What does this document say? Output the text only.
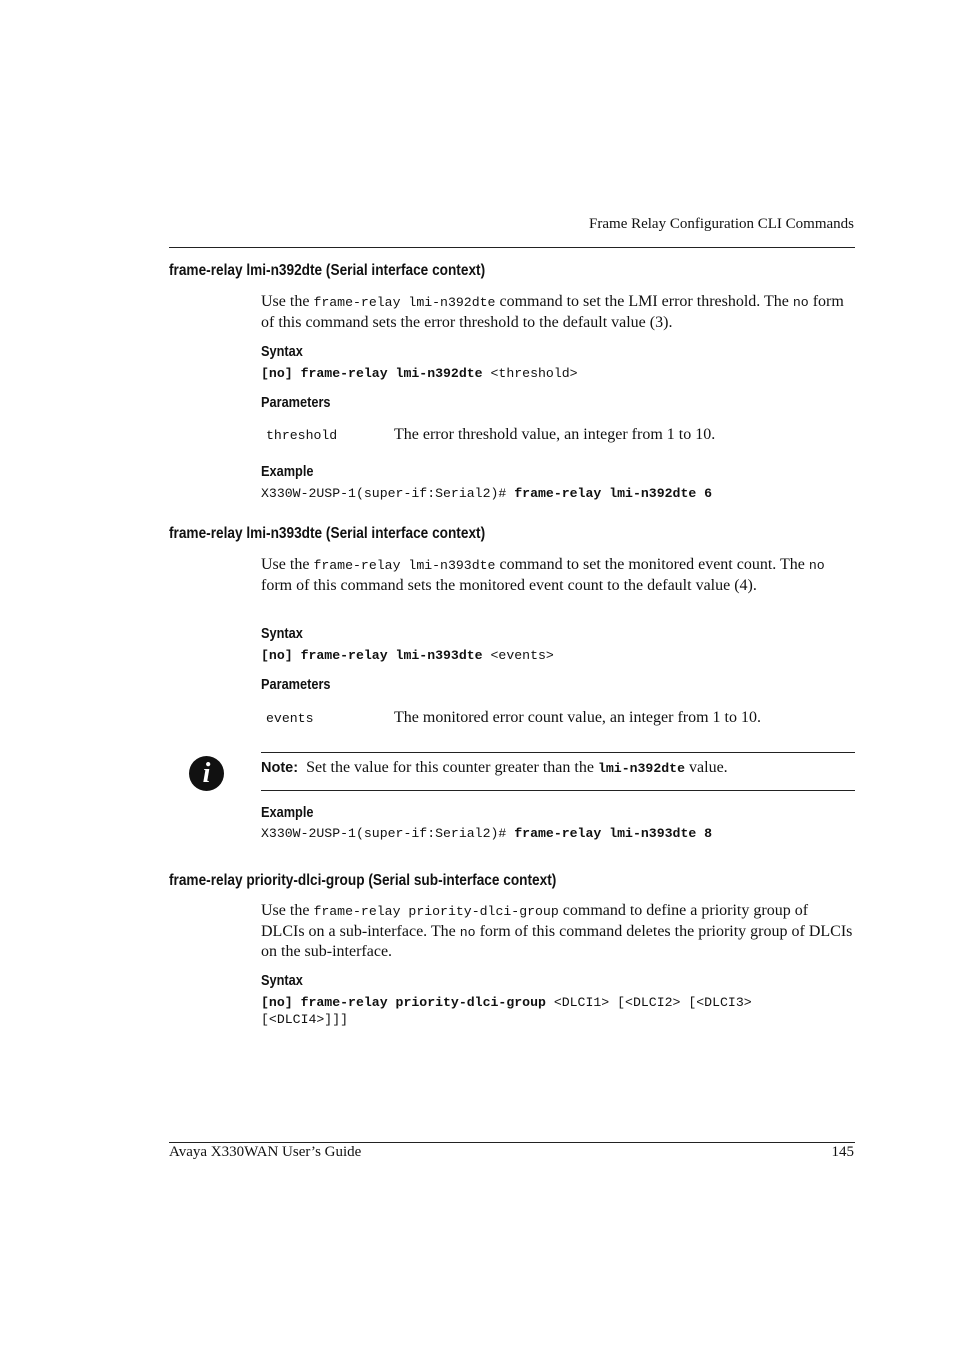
Frame Relay Configuration CLI Commands
frame-relay lmi-n392dte (Serial interface context)
Use the frame-relay lmi-n392dte command to set the LMI error threshold. The no form of this command sets the error threshold to the default value (3).
Syntax
[no] frame-relay lmi-n392dte <threshold>
Parameters
threshold	The error threshold value, an integer from 1 to 10.
Example
X330W-2USP-1(super-if:Serial2)# frame-relay lmi-n392dte 6
frame-relay lmi-n393dte (Serial interface context)
Use the frame-relay lmi-n393dte command to set the monitored event count. The no form of this command sets the monitored event count to the default value (4).
Syntax
[no] frame-relay lmi-n393dte <events>
Parameters
events	The monitored error count value, an integer from 1 to 10.
i	Note: Set the value for this counter greater than the lmi-n392dte value.
Example
X330W-2USP-1(super-if:Serial2)# frame-relay lmi-n393dte 8
frame-relay priority-dlci-group (Serial sub-interface context)
Use the frame-relay priority-dlci-group command to define a priority group of DLCIs on a sub-interface. The no form of this command deletes the priority group of DLCIs on the sub-interface.
Syntax
[no] frame-relay priority-dlci-group <DLCI1> [<DLCI2> [<DLCI3>
[<DLCI4>]]]
Avaya X330WAN User’s Guide	145
